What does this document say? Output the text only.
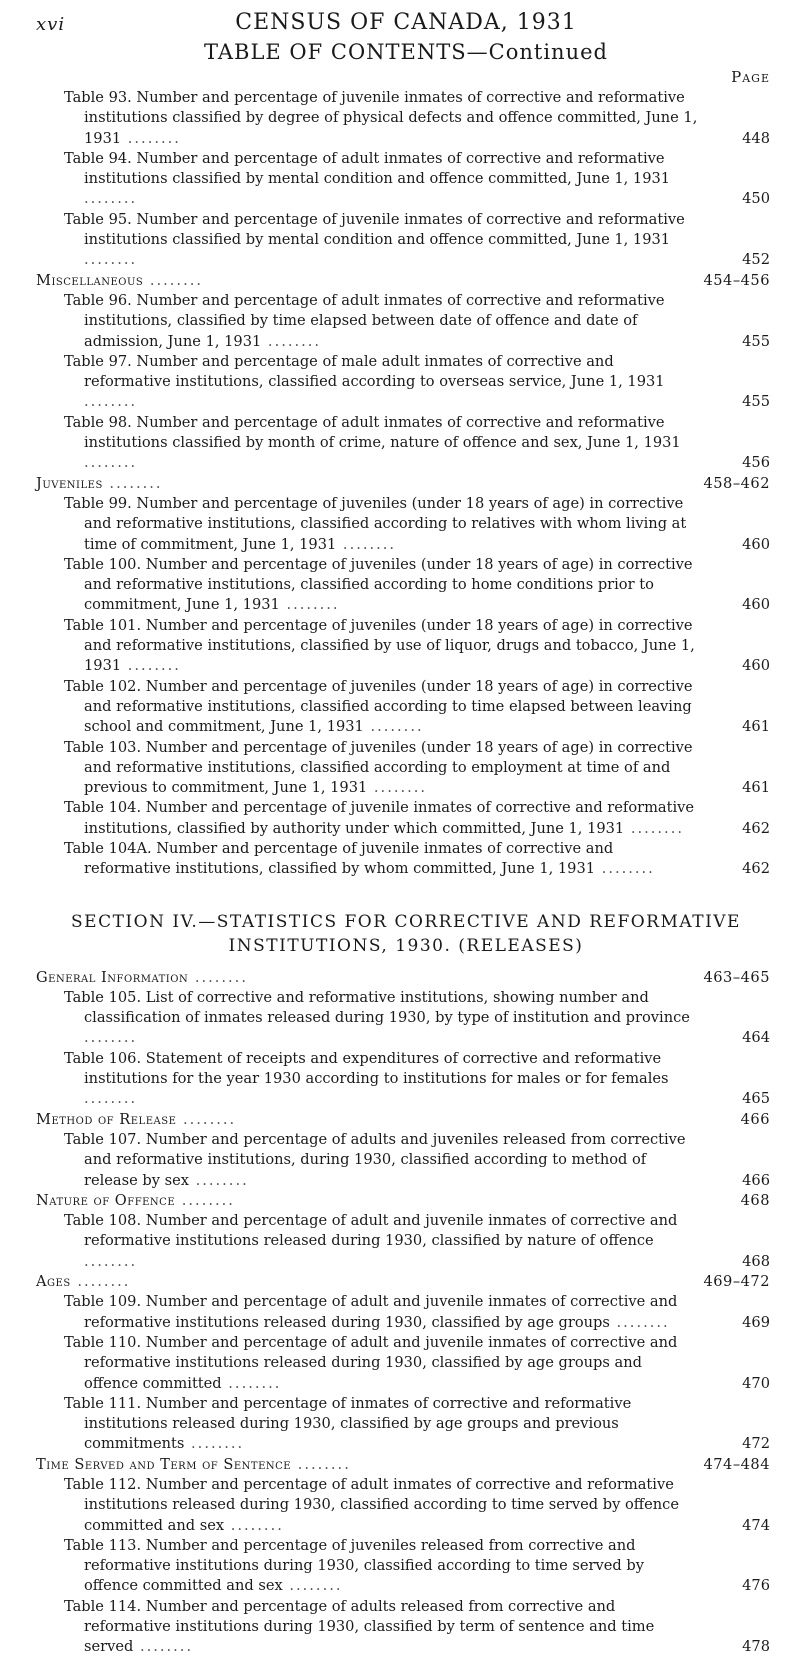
xvi	CENSUS OF CANADA, 1931
TABLE OF CONTENTS—Continued
Page
Table 93. Number and percentage of juvenile inmates of corrective and reformative institutions classified by degree of physical defects and offence committed, June 1, 1931 ........	448
Table 94. Number and percentage of adult inmates of corrective and reformative institutions classified by mental condition and offence committed, June 1, 1931 ........	450
Table 95. Number and percentage of juvenile inmates of corrective and reformative institutions classified by mental condition and offence committed, June 1, 1931 ........	452
Miscellaneous ........	454–456
Table 96. Number and percentage of adult inmates of corrective and reformative institutions, classified by time elapsed between date of offence and date of admission, June 1, 1931 ........	455
Table 97. Number and percentage of male adult inmates of corrective and reformative institutions, classified according to overseas service, June 1, 1931 ........	455
Table 98. Number and percentage of adult inmates of corrective and reformative institutions classified by month of crime, nature of offence and sex, June 1, 1931 ........	456
Juveniles ........	458–462
Table 99. Number and percentage of juveniles (under 18 years of age) in corrective and reformative institutions, classified according to relatives with whom living at time of commitment, June 1, 1931 ........	460
Table 100. Number and percentage of juveniles (under 18 years of age) in corrective and reformative institutions, classified according to home conditions prior to commitment, June 1, 1931 ........	460
Table 101. Number and percentage of juveniles (under 18 years of age) in corrective and reformative institutions, classified by use of liquor, drugs and tobacco, June 1, 1931 ........	460
Table 102. Number and percentage of juveniles (under 18 years of age) in corrective and reformative institutions, classified according to time elapsed between leaving school and commitment, June 1, 1931 ........	461
Table 103. Number and percentage of juveniles (under 18 years of age) in corrective and reformative institutions, classified according to employment at time of and previous to commitment, June 1, 1931 ........	461
Table 104. Number and percentage of juvenile inmates of corrective and reformative institutions, classified by authority under which committed, June 1, 1931 ........	462
Table 104A. Number and percentage of juvenile inmates of corrective and reformative institutions, classified by whom committed, June 1, 1931 ........	462
SECTION IV.—STATISTICS FOR CORRECTIVE AND REFORMATIVE
INSTITUTIONS, 1930. (RELEASES)
General Information ........	463–465
Table 105. List of corrective and reformative institutions, showing number and classification of inmates released during 1930, by type of institution and province ........	464
Table 106. Statement of receipts and expenditures of corrective and reformative institutions for the year 1930 according to institutions for males or for females ........	465
Method of Release ........	466
Table 107. Number and percentage of adults and juveniles released from corrective and reformative institutions, during 1930, classified according to method of release by sex ........	466
Nature of Offence ........	468
Table 108. Number and percentage of adult and juvenile inmates of corrective and reformative institutions released during 1930, classified by nature of offence ........	468
Ages ........	469–472
Table 109. Number and percentage of adult and juvenile inmates of corrective and reformative institutions released during 1930, classified by age groups ........	469
Table 110. Number and percentage of adult and juvenile inmates of corrective and reformative institutions released during 1930, classified by age groups and offence committed ........	470
Table 111. Number and percentage of inmates of corrective and reformative institutions released during 1930, classified by age groups and previous commitments ........	472
Time Served and Term of Sentence ........	474–484
Table 112. Number and percentage of adult inmates of corrective and reformative institutions released during 1930, classified according to time served by offence committed and sex ........	474
Table 113. Number and percentage of juveniles released from corrective and reformative institutions during 1930, classified according to time served by offence committed and sex ........	476
Table 114. Number and percentage of adults released from corrective and reformative institutions during 1930, classified by term of sentence and time served ........	478
